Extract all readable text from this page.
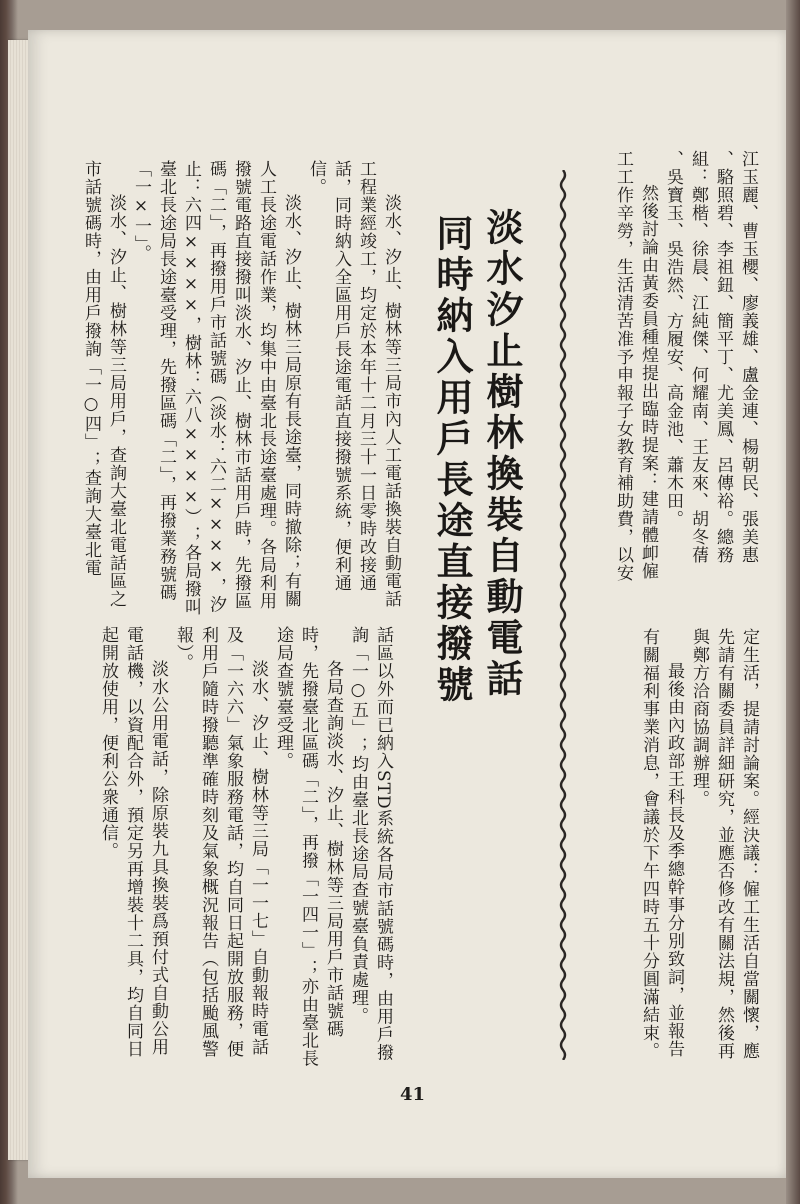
江玉麗、曹玉櫻、廖義雄、盧金連、楊朝民、張美惠

、駱照碧、李祖鈕、簡平丁、尤美鳳、呂傳裕。總務

組：鄭楷、徐晨、江純傑、何耀南、王友來、胡冬蒨

、吳寶玉、吳浩然、方履安、高金池、蕭木田。

然後討論由黃委員種煌提出臨時提案：建請體卹僱

工工作辛勞，生活清苦准予申報子女教育補助費，以安

定生活，提請討論案。經決議：僱工生活自當關懷，應

先請有關委員詳細研究，並應否修改有關法規，然後再

與鄭方洽商協調辦理。

最後由內政部王科長及季總幹事分別致詞，並報告

有關福利事業消息，會議於下午四時五十分圓滿結束。

淡水汐止樹林換裝自動電話
同時納入用戶長途直接撥號

淡水、汐止、樹林等三局市內人工電話換裝自動電話工程業經竣工，均定於本年十二月三十一日零時改接通話，同時納入全區用戶長途電話直接撥號系統，便利通信。

淡水、汐止、樹林三局原有長途臺，同時撤除；有關人工長途電話作業，均集中由臺北長途臺處理。各局利用撥號電路直接撥叫淡水、汐止、樹林市話用戶時，先撥區碼「二」，再撥用戶市話號碼（淡水：六二××××，汐止：六四××××，樹林：六八××××）；各局撥叫臺北長途局長途臺受理，先撥區碼「二」，再撥業務號碼「一×一」。

淡水、汐止、樹林等三局用戶，查詢大臺北電話區之市話號碼時，由用戶撥詢「一○四」；查詢大臺北電

話區以外而已納入STD系統各局市話號碼時，由用戶撥詢「一○五」；均由臺北長途局查號臺負責處理。

各局查詢淡水、汐止、樹林等三局用戶市話號碼時，先撥臺北區碼「二」，再撥「一四一」；亦由臺北長途局查號臺受理。

淡水、汐止、樹林等三局「一一七」自動報時電話及「一六六」氣象服務電話，均自同日起開放服務，便利用戶隨時撥聽準確時刻及氣象概況報告（包括颱風警報）。

淡水公用電話，除原裝九具換裝爲預付式自動公用電話機，以資配合外，預定另再增裝十二具，均自同日起開放使用，便利公衆通信。

41
